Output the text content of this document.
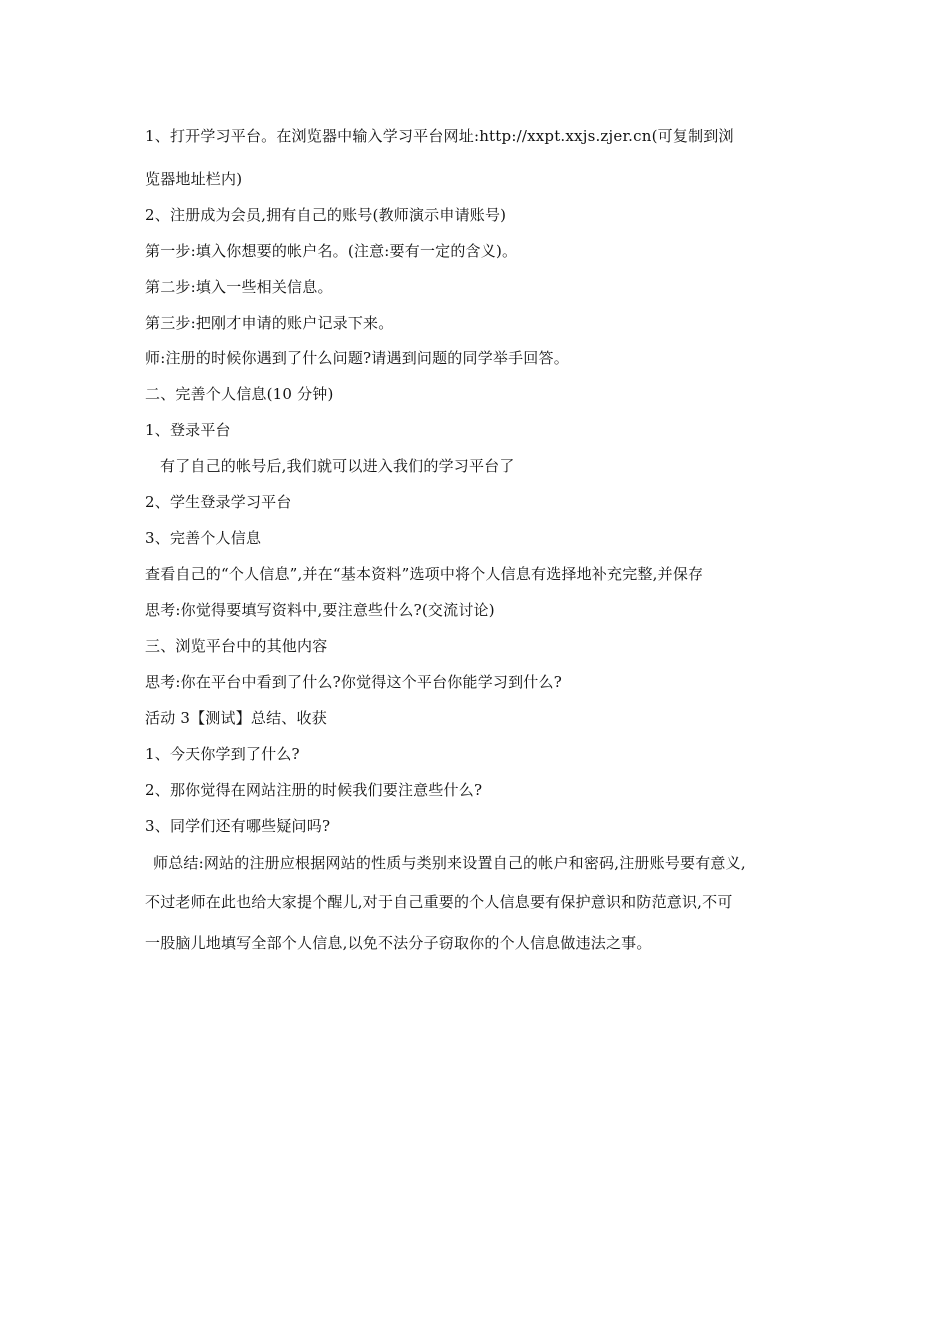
1、打开学习平台。在浏览器中输入学习平台网址:http://xxpt.xxjs.zjer.cn(可复制到浏
览器地址栏内)
2、注册成为会员,拥有自己的账号(教师演示申请账号)
第一步:填入你想要的帐户名。(注意:要有一定的含义)。
第二步:填入一些相关信息。
第三步:把刚才申请的账户记录下来。
师:注册的时候你遇到了什么问题?请遇到问题的同学举手回答。
二、完善个人信息(10 分钟)
1、登录平台
有了自己的帐号后,我们就可以进入我们的学习平台了
2、学生登录学习平台
3、完善个人信息
查看自己的“个人信息”,并在“基本资料”选项中将个人信息有选择地补充完整,并保存
思考:你觉得要填写资料中,要注意些什么?(交流讨论)
三、浏览平台中的其他内容
思考:你在平台中看到了什么?你觉得这个平台你能学习到什么?
活动 3【测试】总结、收获
1、今天你学到了什么?
2、那你觉得在网站注册的时候我们要注意些什么?
3、同学们还有哪些疑问吗?
师总结:网站的注册应根据网站的性质与类别来设置自己的帐户和密码,注册账号要有意义,
不过老师在此也给大家提个醒儿,对于自己重要的个人信息要有保护意识和防范意识,不可
一股脑儿地填写全部个人信息,以免不法分子窃取你的个人信息做违法之事。
